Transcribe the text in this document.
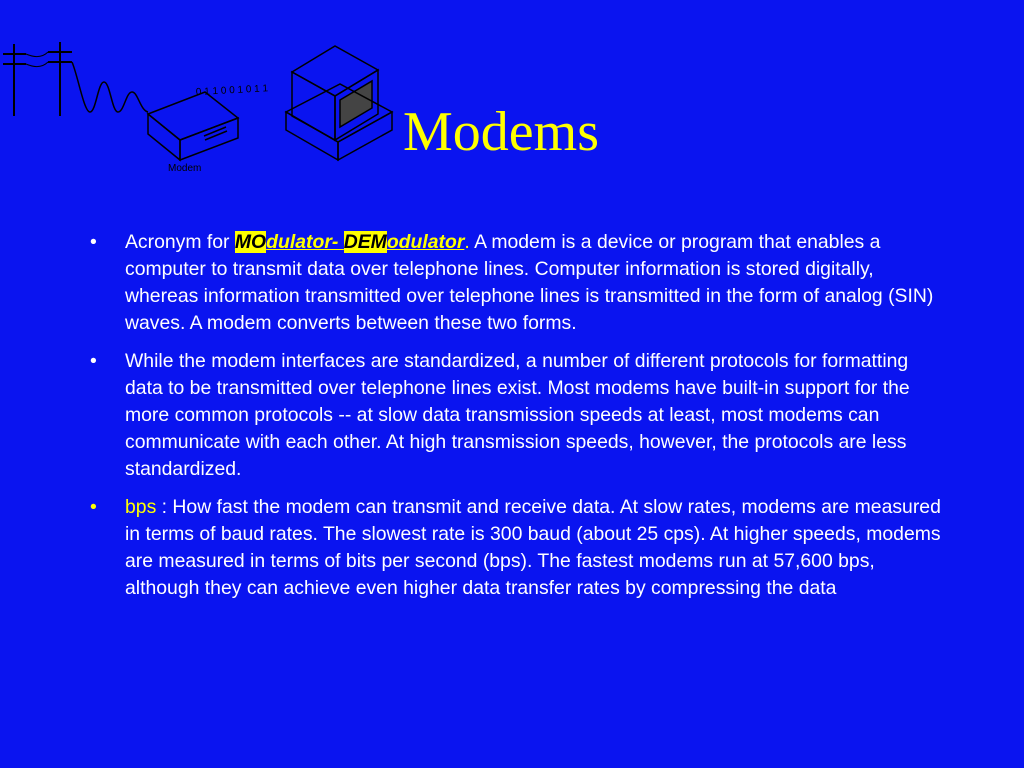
0 1 1 0 0 1 0 1 1
Modem
Modems
• Acronym for MOdulator- DEModulator. A modem is a device or program that enables a computer to transmit data over telephone lines. Computer information is stored digitally, whereas information transmitted over telephone lines is transmitted in the form of analog (SIN) waves. A modem converts between these two forms.
• While the modem interfaces are standardized, a number of different protocols for formatting data to be transmitted over telephone lines exist. Most modems have built-in support for the more common protocols -- at slow data transmission speeds at least, most modems can communicate with each other. At high transmission speeds, however, the protocols are less standardized.
• bps : How fast the modem can transmit and receive data. At slow rates, modems are measured in terms of baud rates. The slowest rate is 300 baud (about 25 cps). At higher speeds, modems are measured in terms of bits per second (bps). The fastest modems run at 57,600 bps, although they can achieve even higher data transfer rates by compressing the data
